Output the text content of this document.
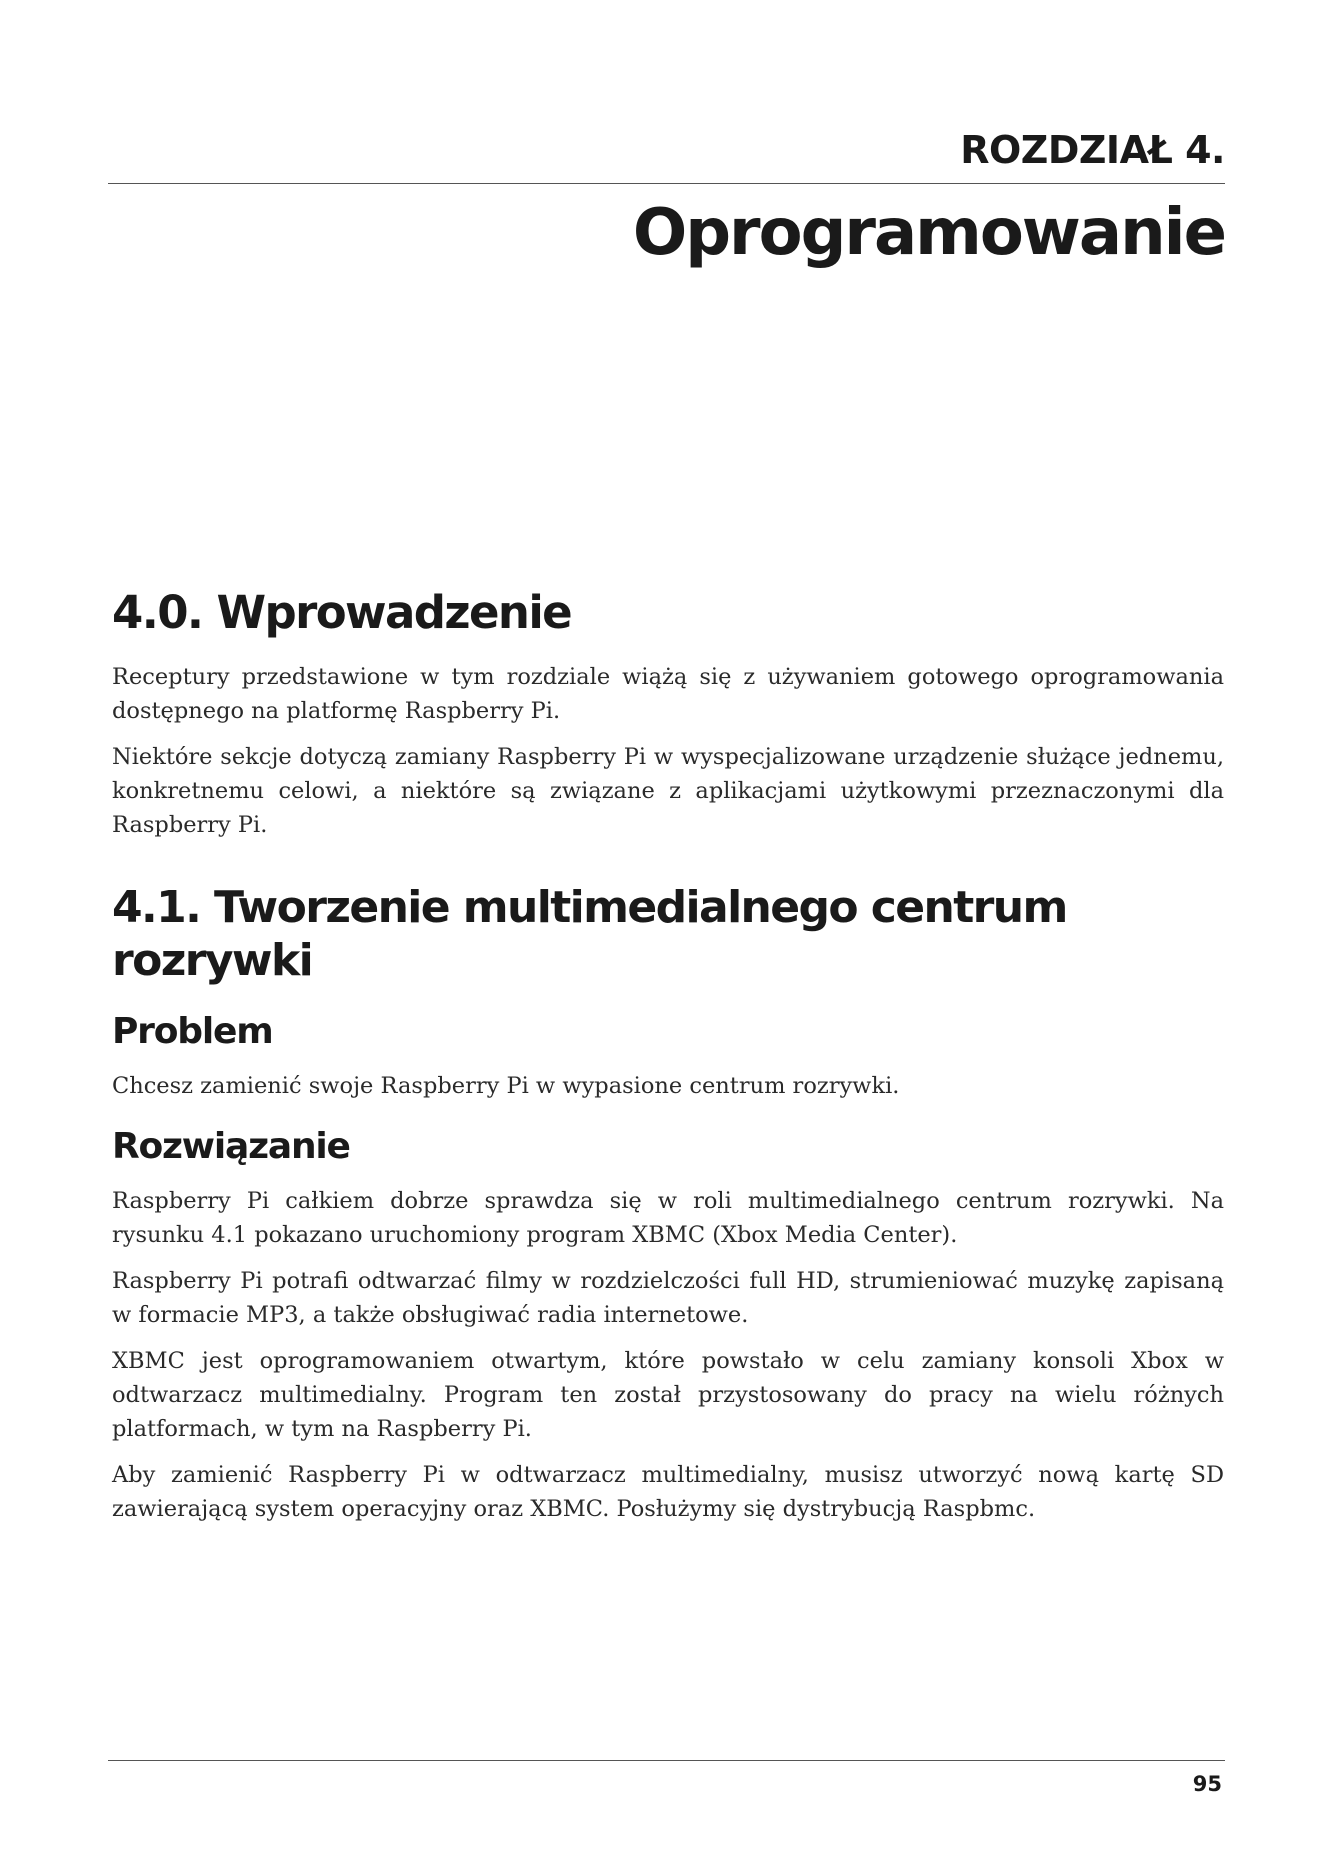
ROZDZIAŁ 4.

Oprogramowanie
4.0. Wprowadzenie

Receptury przedstawione w tym rozdziale wiążą się z używaniem gotowego oprogramowania dostępnego na platformę Raspberry Pi.

Niektóre sekcje dotyczą zamiany Raspberry Pi w wyspecjalizowane urządzenie służące jednemu, konkretnemu celowi, a niektóre są związane z aplikacjami użytkowymi przeznaczonymi dla Raspberry Pi.

4.1. Tworzenie multimedialnego centrum rozrywki
Problem

Chcesz zamienić swoje Raspberry Pi w wypasione centrum rozrywki.

Rozwiązanie

Raspberry Pi całkiem dobrze sprawdza się w roli multimedialnego centrum rozrywki. Na rysunku 4.1 pokazano uruchomiony program XBMC (Xbox Media Center).

Raspberry Pi potrafi odtwarzać filmy w rozdzielczości full HD, strumieniować muzykę zapisaną w formacie MP3, a także obsługiwać radia internetowe.

XBMC jest oprogramowaniem otwartym, które powstało w celu zamiany konsoli Xbox w odtwarzacz multimedialny. Program ten został przystosowany do pracy na wielu różnych platformach, w tym na Raspberry Pi.

Aby zamienić Raspberry Pi w odtwarzacz multimedialny, musisz utworzyć nową kartę SD zawierającą system operacyjny oraz XBMC. Posłużymy się dystrybucją Raspbmc.

95
